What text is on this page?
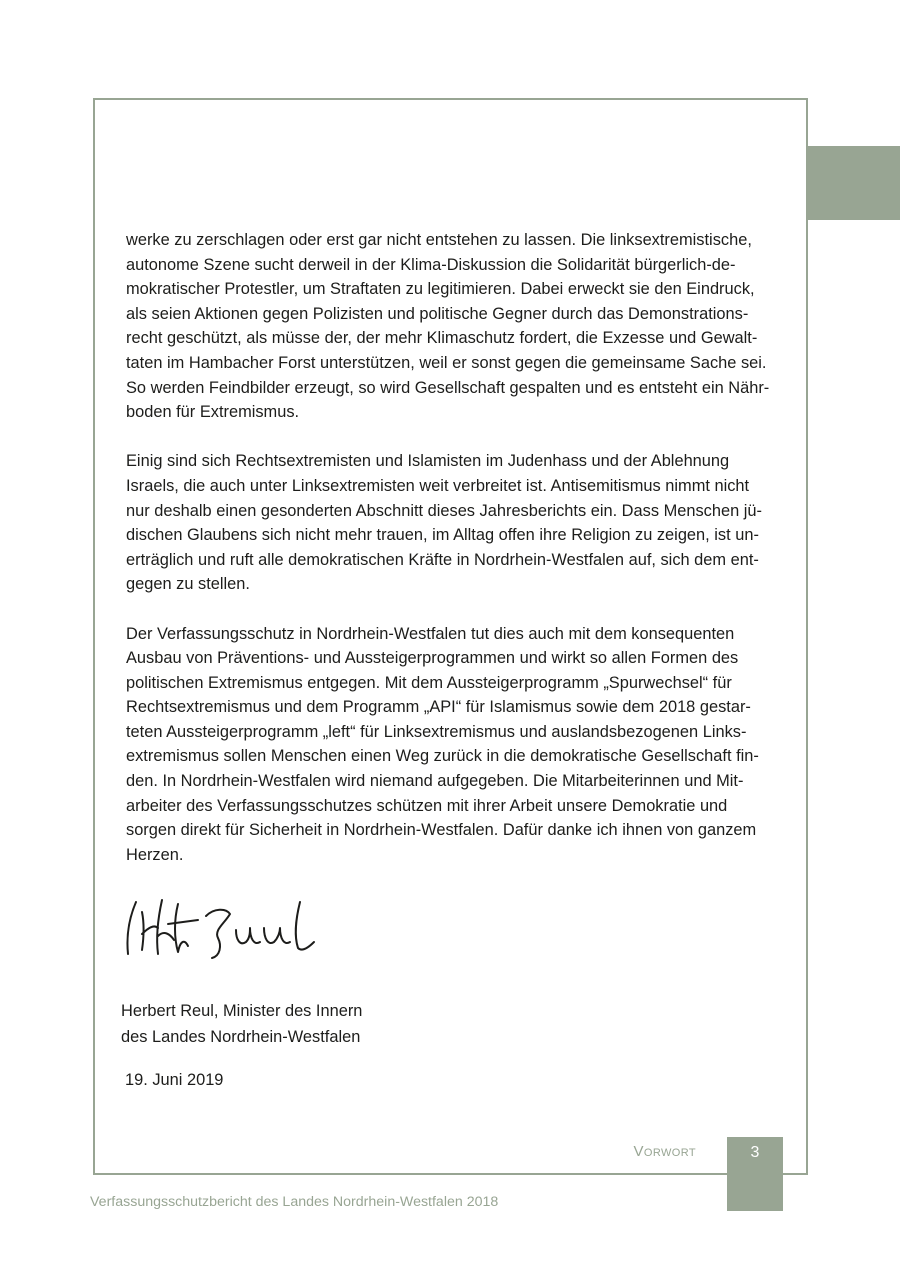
werke zu zerschlagen oder erst gar nicht entstehen zu lassen. Die linksextremistische,
autonome Szene sucht derweil in der Klima-Diskussion die Solidarität bürgerlich-de-
mokratischer Protestler, um Straftaten zu legitimieren. Dabei erweckt sie den Eindruck,
als seien Aktionen gegen Polizisten und politische Gegner durch das Demonstrations-
recht geschützt, als müsse der, der mehr Klimaschutz fordert, die Exzesse und Gewalt-
taten im Hambacher Forst unterstützen, weil er sonst gegen die gemeinsame Sache sei.
So werden Feindbilder erzeugt, so wird Gesellschaft gespalten und es entsteht ein Nähr-
boden für Extremismus.

Einig sind sich Rechtsextremisten und Islamisten im Judenhass und der Ablehnung
Israels, die auch unter Linksextremisten weit verbreitet ist. Antisemitismus nimmt nicht
nur deshalb einen gesonderten Abschnitt dieses Jahresberichts ein. Dass Menschen jü-
dischen Glaubens sich nicht mehr trauen, im Alltag offen ihre Religion zu zeigen, ist un-
erträglich und ruft alle demokratischen Kräfte in Nordrhein-Westfalen auf, sich dem ent-
gegen zu stellen.

Der Verfassungsschutz in Nordrhein-Westfalen tut dies auch mit dem konsequenten
Ausbau von Präventions- und Aussteigerprogrammen und wirkt so allen Formen des
politischen Extremismus entgegen. Mit dem Aussteigerprogramm „Spurwechsel“ für
Rechtsextremismus und dem Programm „API“ für Islamismus sowie dem 2018 gestar-
teten Aussteigerprogramm „left“ für Linksextremismus und auslandsbezogenen Links-
extremismus sollen Menschen einen Weg zurück in die demokratische Gesellschaft fin-
den. In Nordrhein-Westfalen wird niemand aufgegeben. Die Mitarbeiterinnen und Mit-
arbeiter des Verfassungsschutzes schützen mit ihrer Arbeit unsere Demokratie und
sorgen direkt für Sicherheit in Nordrhein-Westfalen. Dafür danke ich ihnen von ganzem
Herzen.

Herbert Reul, Minister des Innern
des Landes Nordrhein-Westfalen
19. Juni 2019
Vorwort	3
Verfassungsschutzbericht des Landes Nordrhein-Westfalen 2018
